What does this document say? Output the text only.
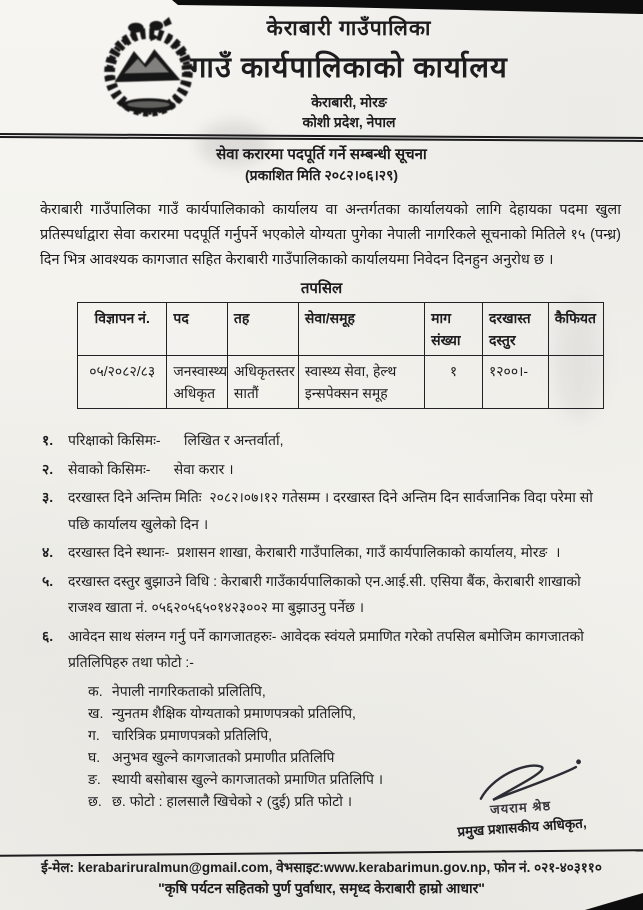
केराबारी गाउँपालिका
गाउँ कार्यपालिकाको कार्यालय
केराबारी, मोरङ
कोशी प्रदेश, नेपाल
सेवा करारमा पदपूर्ति गर्ने सम्बन्धी सूचना
(प्रकाशित मिति २०८२।०६।२९)
केराबारी गाउँपालिका गाउँ कार्यपालिकाको कार्यालय वा अन्तर्गतका कार्यालयको लागि देहायका पदमा खुला प्रतिस्पर्धाद्वारा सेवा करारमा पदपूर्ति गर्नुपर्ने भएकोले योग्यता पुगेका नेपाली नागरिकले सूचनाको मितिले १५ (पन्ध्र) दिन भित्र आवश्यक कागजात सहित केराबारी गाउँपालिकाको कार्यालयमा निवेदन दिनहुन अनुरोध छ ।
तपसिल
विज्ञापन नं.	पद	तह	सेवा/समूह	माग संख्या	दरखास्त दस्तुर	कैफियत
०५/२०८२/८३	जनस्वास्थ्य अधिकृत	अधिकृतस्तर सातौं	स्वास्थ्य सेवा, हेल्थ इन्सपेक्सन समूह	१	१२००।-	
१.	परिक्षाको किसिमः-      लिखित र अन्तर्वार्ता,
२.	सेवाको किसिमः-      सेवा करार ।
३.	दरखास्त दिने अन्तिम मितिः  २०८२।०७।१२ गतेसम्म । दरखास्त दिने अन्तिम दिन सार्वजानिक विदा परेमा सो पछि कार्यालय खुलेको दिन ।
४.	दरखास्त दिने स्थानः-  प्रशासन शाखा, केराबारी गाउँपालिका, गाउँ कार्यपालिकाको कार्यालय, मोरङ  ।
५.	दरखास्त दस्तुर बुझाउने विधि : केराबारी गाउँकार्यपालिकाको एन.आई.सी. एसिया बैंक, केराबारी शाखाको राजश्व खाता नं. ०५६२०५६५०१४२३००२ मा बुझाउनु पर्नेछ ।
६.	आवेदन साथ संलग्न गर्नु पर्ने कागजातहरुः- आवेदक स्वंयले प्रमाणित गरेको तपसिल बमोजिम कागजातको प्रतिलिपिहरु तथा फोटो :-
क. नेपाली नागरिकताको प्रलितिपि,
ख. न्युनतम शैक्षिक योग्यताको प्रमाणपत्रको प्रतिलिपि,
ग. चारित्रिक प्रमाणपत्रको प्रतिलिपि,
घ. अनुभव खुल्ने कागजातको प्रमाणीत प्रतिलिपि
ङ. स्थायी बसोबास खुल्ने कागजातको प्रमाणित प्रतिलिपि ।
छ. छ. फोटो : हालसालै खिचेको २ (दुई) प्रति फोटो ।	जयराम श्रेष्ठ
प्रमुख प्रशासकीय अधिकृत,
ई-मेल: kerabariruralmun@gmail.com, वेभसाइट:www.kerabarimun.gov.np, फोन नं. ०२१-४०३११०
"कृषि पर्यटन सहितको पुर्ण पुर्वाधार, समृध्द केराबारी हाम्रो आधार"
